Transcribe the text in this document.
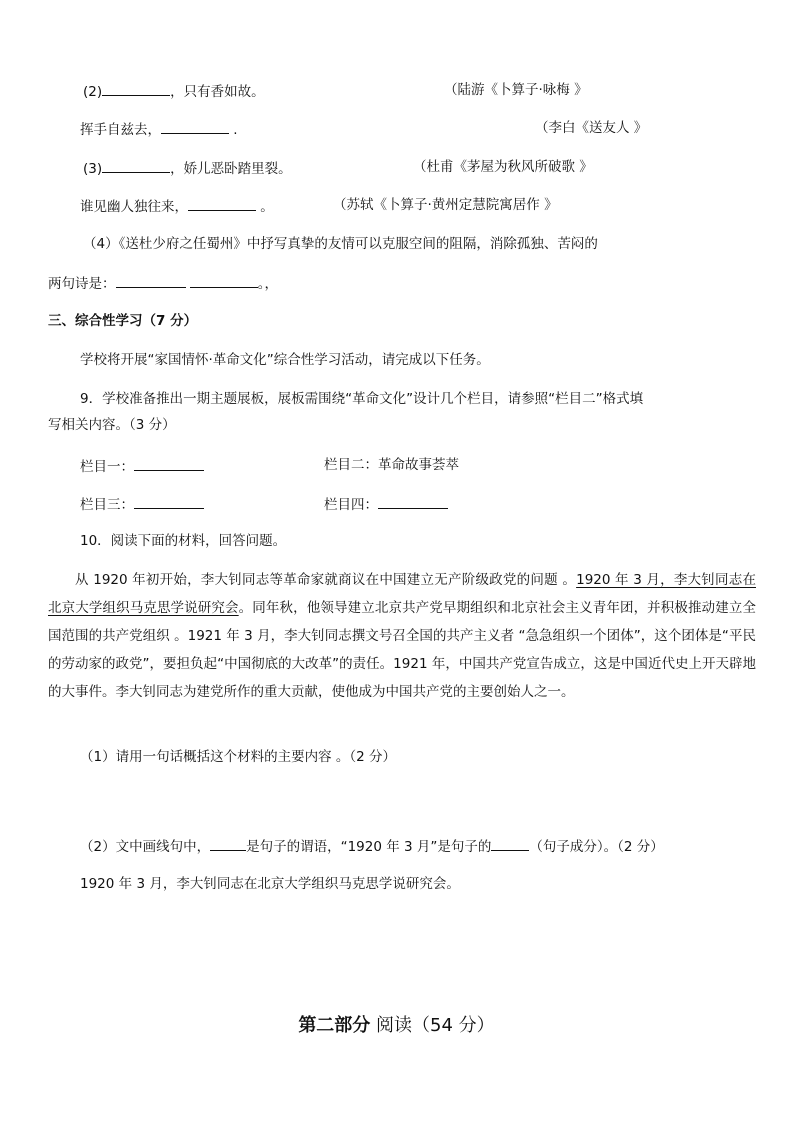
(2)	，只有香如故。	（陆游《卜算子·咏梅 》
挥手自兹去，	.	（李白《送友人 》
(3)	，娇儿恶卧踏里裂。	（杜甫《茅屋为秋风所破歌 》
谁见幽人独往来，	。	（苏轼《卜算子·黄州定慧院寓居作 》
（4）《送杜少府之任蜀州》中抒写真挚的友情可以克服空间的阻隔，消除孤独、苦闷的
两句诗是：	。，
三、综合性学习（7 分）
学校将开展“家国情怀·革命文化”综合性学习活动，请完成以下任务。
9．学校准备推出一期主题展板，展板需围绕“革命文化”设计几个栏目，请参照“栏目二”格式填
写相关内容。（3 分）
栏目一：	栏目二：革命故事荟萃
栏目三：	栏目四：
10．阅读下面的材料，回答问题。
从 1920 年初开始，李大钊同志等革命家就商议在中国建立无产阶级政党的问题 。1920 年 3 月，李大钊同志在北京大学组织马克思学说研究会。同年秋，他领导建立北京共产党早期组织和北京社会主义青年团，并积极推动建立全国范围的共产党组织 。1921 年 3 月，李大钊同志撰文号召全国的共产主义者 “急急组织一个团体”，这个团体是“平民的劳动家的政党”，要担负起“中国彻底的大改革”的责任。1921 年，中国共产党宣告成立，这是中国近代史上开天辟地的大事件。李大钊同志为建党所作的重大贡献，使他成为中国共产党的主要创始人之一。
（1）请用一句话概括这个材料的主要内容 。（2 分）
（2）文中画线句中，	是句子的谓语，“1920 年 3 月”是句子的	（句子成分）。（2 分）
1920 年 3 月，李大钊同志在北京大学组织马克思学说研究会。
第二部分 阅读（54 分）
